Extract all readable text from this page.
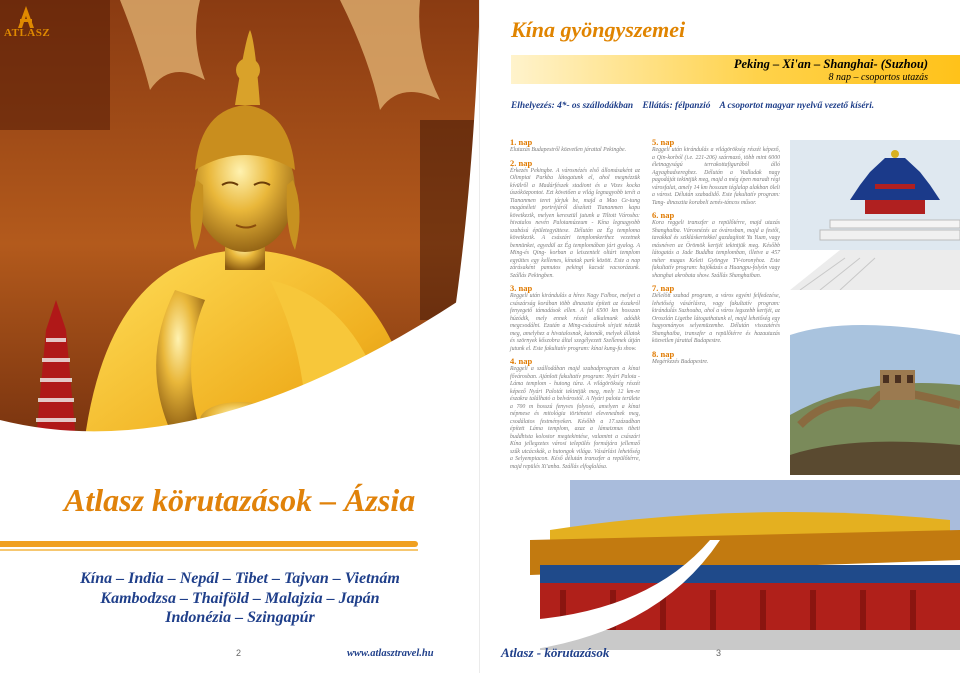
ATLASZ
Atlasz körutazások – Ázsia
Kína – India – Nepál – Tibet – Tajvan – Vietnám
Kambodzsa – Thaiföld – Malajzia – Japán
Indonézia – Szingapúr
2	www.atlasztravel.hu
Kína gyöngyszemei
Peking – Xi'an – Shanghai- (Suzhou)
8 nap – csoportos utazás
Elhelyezés: 4*- os szállodákban Ellátás: félpanzió A csoportot magyar nyelvű vezető kíséri.
1. nap

Elutazás Budapestről közvetlen járattal Pekingbe.

2. nap

Érkezés Pekingbe. A városnézés első állomásaként az Olimpiai Parkba látogatunk el, ahol megnézzük kívülről a Madárfészek stadiont és a Vizes kocka úszóközpontot. Ezt követően a világ legnagyobb terét a Tiananmen teret járjuk be, majd a Mao Ce-tung magánéleti portréjáról díszített Tiananmen kapu következik, melyen keresztül jutunk a Tiltott Városba: hivatalos nevén Palotamúzeum - Kína legnagyobb szabású épületegyüttese. Délután az Ég temploma következik. A császári templomkerthez vezetnek bennünket, egyedül az Ég templomában járt gyalog. A Ming-és Qing- korban a leiszentelt oltárt templom együttes egy kellemes, kínaiak park között. Este a nap zárásaként pamutos pekingi kacsát vacsorázunk. Szállás Pekingben.

3. nap

Reggeli után kirándulás a híres Nagy Falhoz, melyet a császárság korában több dinasztia épített az északról fenyegető támadások ellen. A fal 6500 km hosszan húzódik, mely ennek részét alkalmunk adódik megcsodálni. Ezután a Ming-császárok sírjait nézzük meg, amelyhez a hivatalosnak, katonák, melyek állatok és szörnyek kőszobra által szegélyezett Szellemek útján jutunk el. Este fakultatív program: kínai kung-fu show.

4. nap

Reggeli a szállodában majd szabadprogram a kínai fővárosban. Ajánlott fakultatív program: Nyári Palota - Láma templom - hutong túra. A világörökség részét képező Nyári Palotát tekintjük meg, mely 12 km-re északra található a belvárostól. A Nyári palota területe a 700 m hosszú fenyves folyosó, amelyen a kínai népmese és mitológia történetei elevenednek meg, csodálatos festményeken. Később a 17.században épített Láma templom, azaz a lámaizmus tibeti buddhista kolostor megtekintése, valamint a császári Kína jellegzetes városi település formájára jellemző szűk utcácskák, a hutongok világa. Vásárlási lehetőség a Selyempiacon. Késő délután transzfer a repülőtérre, majd repülés Xi'anba. Szállás elfoglalása.

5. nap

Reggeli után kirándulás a világörökség részét képező, a Qin-korból (i.e. 221-206) származó, több mint 6000 életnagyságú terrakottafigurából álló Agyaghadsereghez. Délután a Vadludak nagy pagodáját tekintjük meg, majd a még épen maradt régi városfalat, amely 14 km hosszan téglalap alakban öleli a várost. Délután szabadidő. Este fakultatív program: Tang- dinasztia korabeli zenés-táncos műsor.

6. nap

Kora reggeli transzfer a repülőtérre, majd utazás Shanghaiba. Városnézés az óvárosban, majd a festői, tavakkal és szikláskertekkel gazdagított Yu Yuan, vagy másnéven az Örömök kertjét tekintjük meg. Később látogatás a Jade Buddha templomban, illetve a 457 méter magas Keleti Gyöngye TV-toronyhoz. Este fakultatív program: hajókázás a Huangpu-folyón vagy shanghai akrobata show. Szállás Shanghaiban.

7. nap

Délelőtt szabad program, a város egyéni felfedezése, lehetőség vásárlásra, vagy fakultatív program: kirándulás Suzhouba, ahol a város legszebb kertjét, az Oroszlán Ligetbe látogathatunk el, majd lehetőség egy hagyományos selyemüzembe. Délután visszatérés Shanghaiba, transzfer a repülőtérre és hazautazás közvetlen járattal Budapestre.

8. nap

Megérkezés Budapestre.

Atlasz - körutazások	3
